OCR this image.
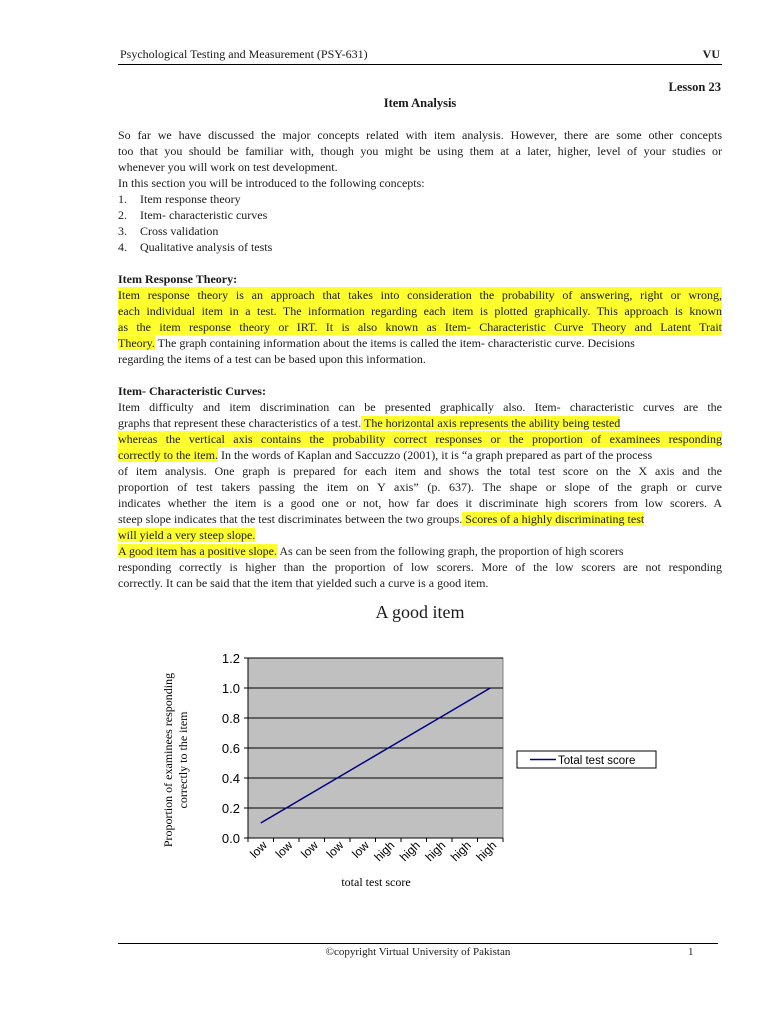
Psychological Testing and Measurement (PSY-631)	VU
Lesson 23
Item Analysis
So far we have discussed the major concepts related with item analysis. However, there are some other concepts
too that you should be familiar with, though you might be using them at a later, higher, level of your studies or
whenever you will work on test development.
In this section you will be introduced to the following concepts:
1. Item response theory
2. Item- characteristic curves
3. Cross validation
4. Qualitative analysis of tests
Item Response Theory:
Item response theory is an approach that takes into consideration the probability of answering, right or wrong,
each individual item in a test. The information regarding each item is plotted graphically. This approach is known
as the item response theory or IRT. It is also known as Item- Characteristic Curve Theory and Latent Trait
Theory. The graph containing information about the items is called the item- characteristic curve. Decisions
regarding the items of a test can be based upon this information.
Item- Characteristic Curves:
Item difficulty and item discrimination can be presented graphically also. Item- characteristic curves are the
graphs that represent these characteristics of a test. The horizontal axis represents the ability being tested
whereas the vertical axis contains the probability correct responses or the proportion of examinees responding
correctly to the item. In the words of Kaplan and Saccuzzo (2001), it is “a graph prepared as part of the process
of item analysis. One graph is prepared for each item and shows the total test score on the X axis and the
proportion of test takers passing the item on Y axis” (p. 637). The shape or slope of the graph or curve
indicates whether the item is a good one or not, how far does it discriminate high scorers from low scorers. A
steep slope indicates that the test discriminates between the two groups. Scores of a highly discriminating test
will yield a very steep slope.
A good item has a positive slope. As can be seen from the following graph, the proportion of high scorers
responding correctly is higher than the proportion of low scorers. More of the low scorers are not responding
correctly. It can be said that the item that yielded such a curve is a good item.
A good item
0.0
0.2
0.4
0.6
0.8
1.0
1.2
low low low low low high high high high high
total test score
Proportion of examinees responding correctly to the item	Total test score
©copyright Virtual University of Pakistan	1
